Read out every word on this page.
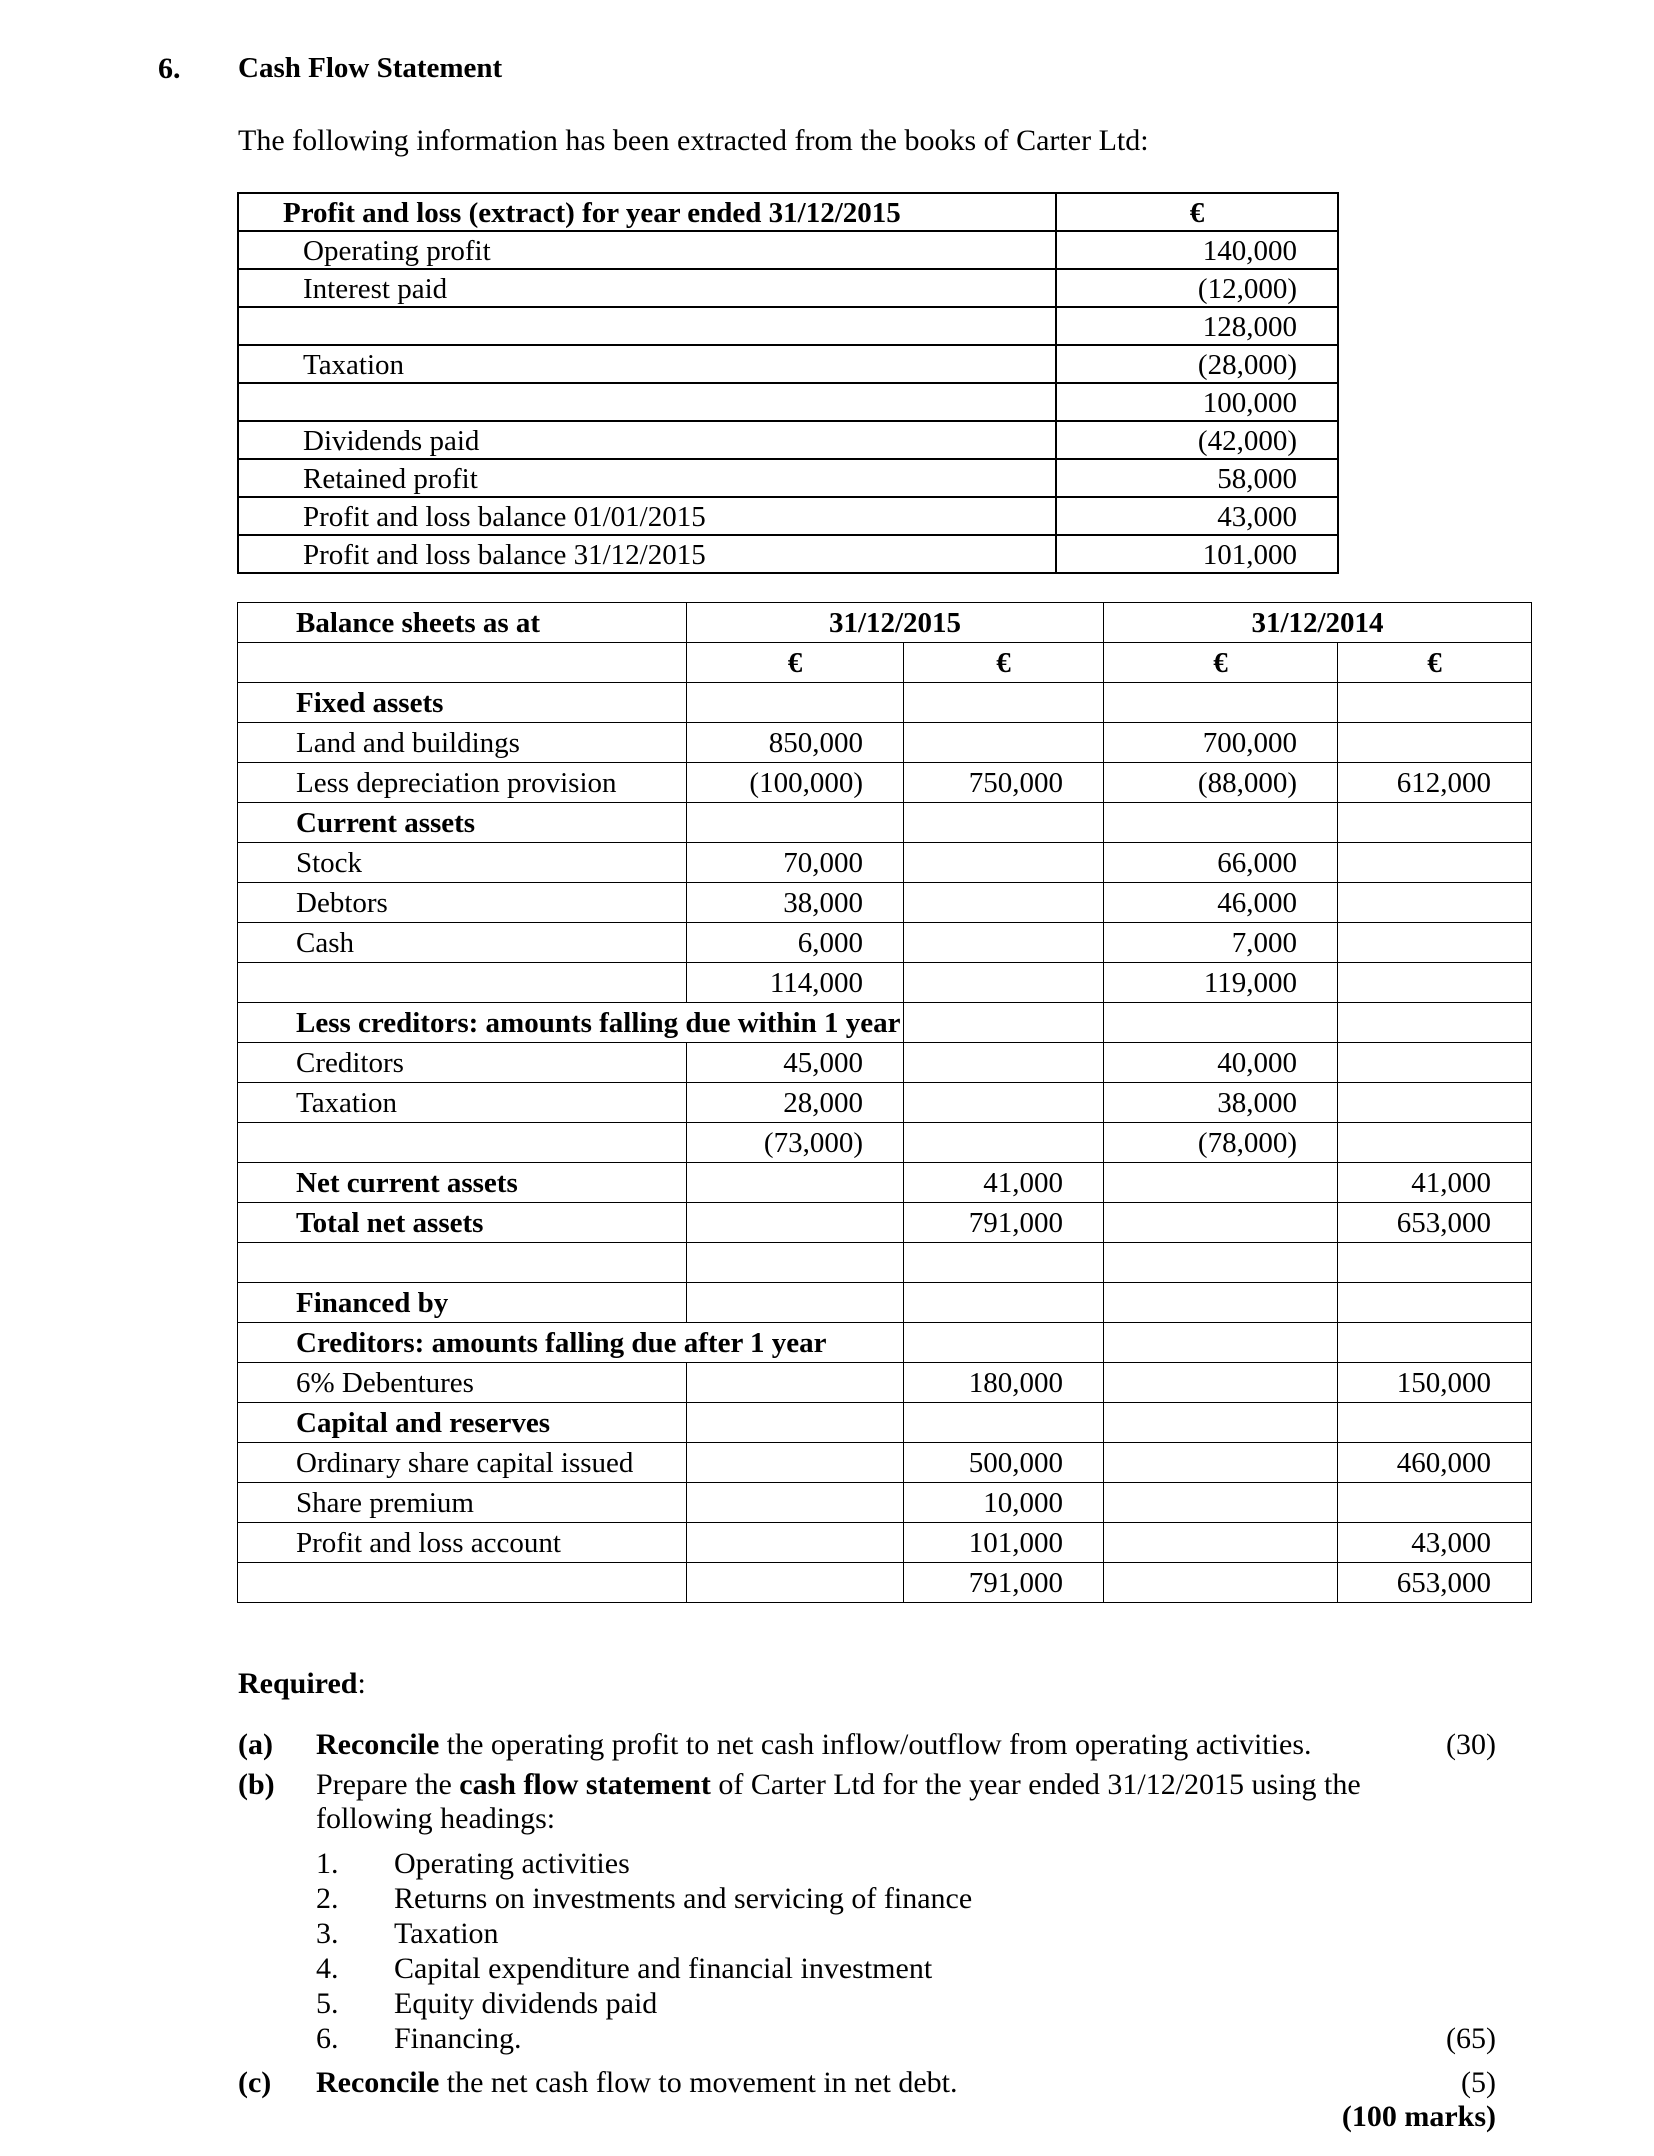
6. Cash Flow Statement
The following information has been extracted from the books of Carter Ltd:
Profit and loss (extract) for year ended 31/12/2015	€
Operating profit	140,000
Interest paid	(12,000)
	128,000
Taxation	(28,000)
	100,000
Dividends paid	(42,000)
Retained profit	58,000
Profit and loss balance 01/01/2015	43,000
Profit and loss balance 31/12/2015	101,000
Balance sheets as at	31/12/2015		31/12/2014	
	€	€	€	€
Fixed assets				
Land and buildings	850,000		700,000	
Less depreciation provision	(100,000)	750,000	(88,000)	612,000
Current assets				
Stock	70,000		66,000	
Debtors	38,000		46,000	
Cash	6,000		7,000	
	114,000		119,000	
Less creditors: amounts falling due within 1 year				
Creditors	45,000		40,000	
Taxation	28,000		38,000	
	(73,000)		(78,000)	
Net current assets		41,000		41,000
Total net assets		791,000		653,000

Financed by				
Creditors: amounts falling due after 1 year				
6% Debentures		180,000		150,000
Capital and reserves				
Ordinary share capital issued		500,000		460,000
Share premium		10,000		
Profit and loss account		101,000		43,000
		791,000		653,000
Required:
(a) Reconcile the operating profit to net cash inflow/outflow from operating activities.	(30)
(b) Prepare the cash flow statement of Carter Ltd for the year ended 31/12/2015 using the
following headings:
1. Operating activities
2. Returns on investments and servicing of finance
3. Taxation
4. Capital expenditure and financial investment
5. Equity dividends paid
6. Financing.	(65)
(c) Reconcile the net cash flow to movement in net debt.	(5)
(100 marks)
